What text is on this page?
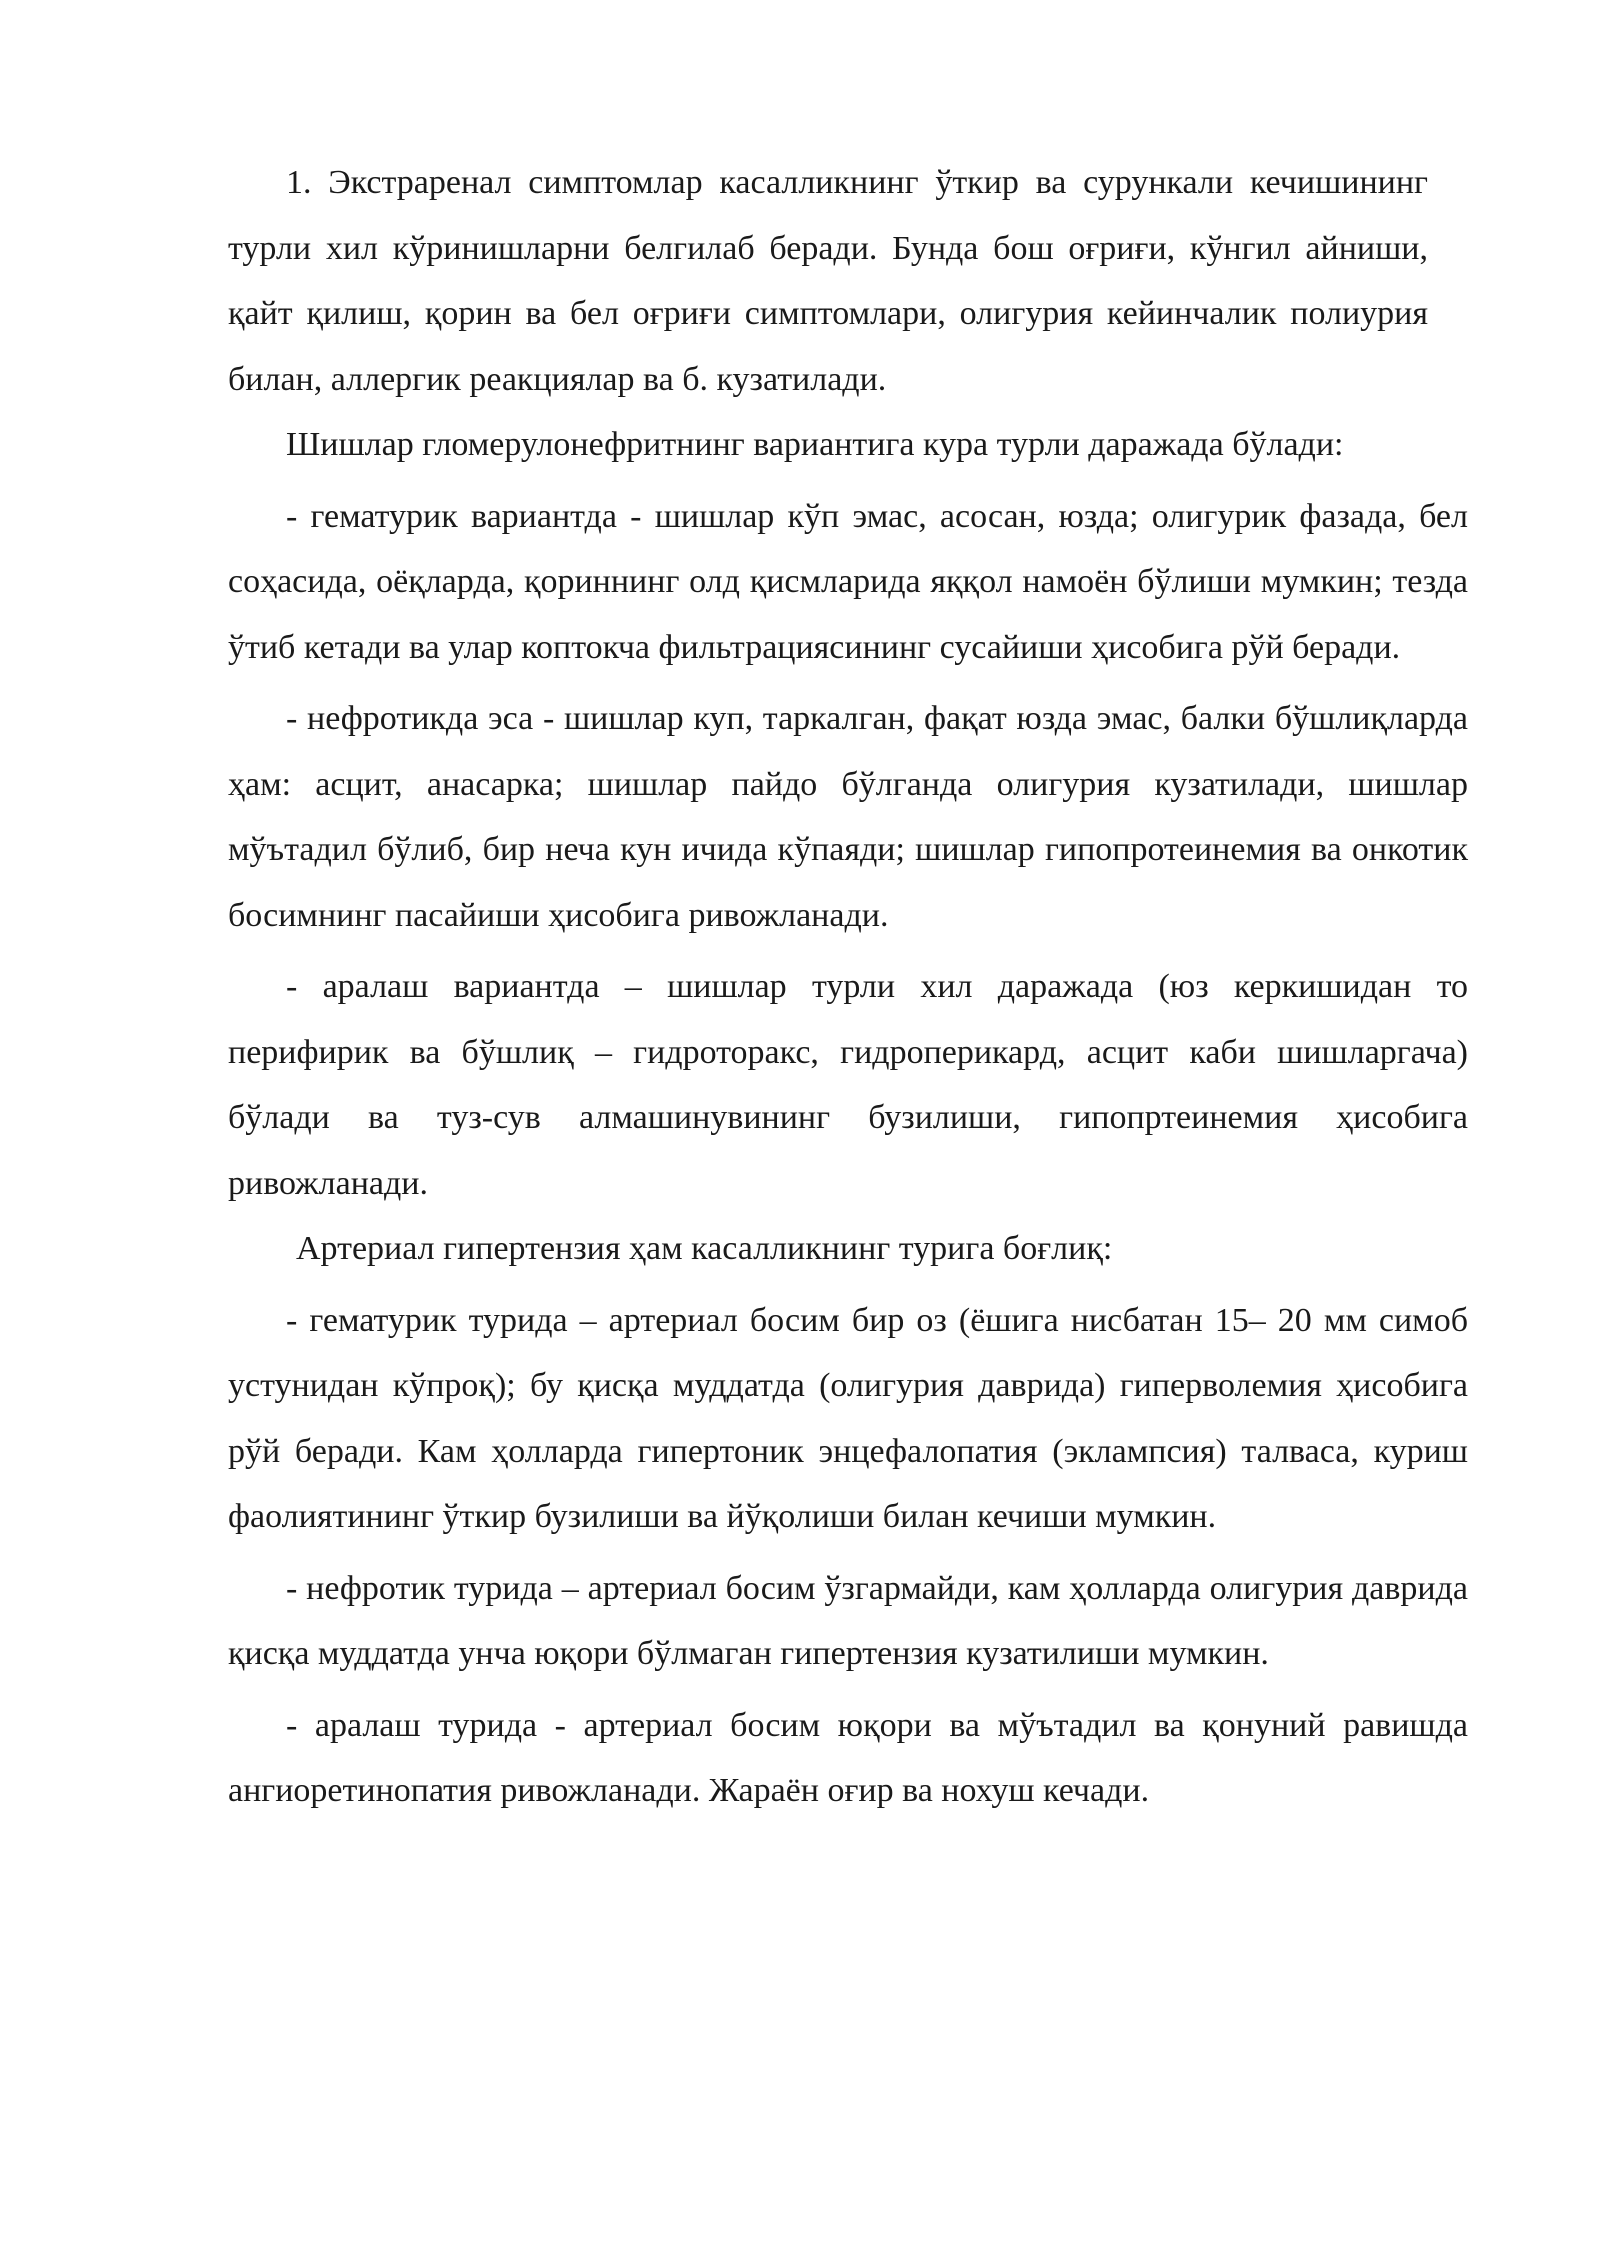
1. Экстраренал симптомлар касалликнинг ўткир ва сурункали кечишининг турли хил кўринишларни белгилаб беради. Бунда бош оғриғи, кўнгил айниши, қайт қилиш, қорин ва бел оғриғи симптомлари, олигурия кейинчалик полиурия билан, аллергик реакциялар ва б. кузатилади.

Шишлар гломерулонефритнинг вариантига кура турли даражада бўлади:

- гематурик вариантда - шишлар кўп эмас, асосан, юзда; олигурик фазада, бел соҳасида, оёқларда, қориннинг олд қисмларида яққол намоён бўлиши мумкин; тезда ўтиб кетади ва улар коптокча фильтрациясининг сусайиши ҳисобига рўй беради.

- нефротикда эса - шишлар куп, таркалган, фақат юзда эмас, балки бўшлиқларда ҳам: асцит, анасарка; шишлар пайдо бўлганда олигурия кузатилади, шишлар мўътадил бўлиб, бир неча кун ичида кўпаяди; шишлар гипопротеинемия ва онкотик босимнинг пасайиши ҳисобига ривожланади.

- аралаш вариантда – шишлар турли хил даражада (юз керкишидан то перифирик ва бўшлиқ – гидроторакс, гидроперикард, асцит каби шишларгача) бўлади ва туз-сув алмашинувининг бузилиши, гипопртеинемия ҳисобига ривожланади.

Артериал гипертензия ҳам касалликнинг турига боғлиқ:

- гематурик турида – артериал босим бир оз (ёшига нисбатан 15– 20 мм симоб устунидан кўпроқ); бу қисқа муддатда (олигурия даврида) гиперволемия ҳисобига рўй беради. Кам ҳолларда гипертоник энцефалопатия (эклампсия) талваса, куриш фаолиятининг ўткир бузилиши ва йўқолиши билан кечиши мумкин.

- нефротик турида – артериал босим ўзгармайди, кам ҳолларда олигурия даврида қисқа муддатда унча юқори бўлмаган гипертензия кузатилиши мумкин.

- аралаш турида - артериал босим юқори ва мўътадил ва қонуний равишда ангиоретинопатия ривожланади. Жараён оғир ва нохуш кечади.
